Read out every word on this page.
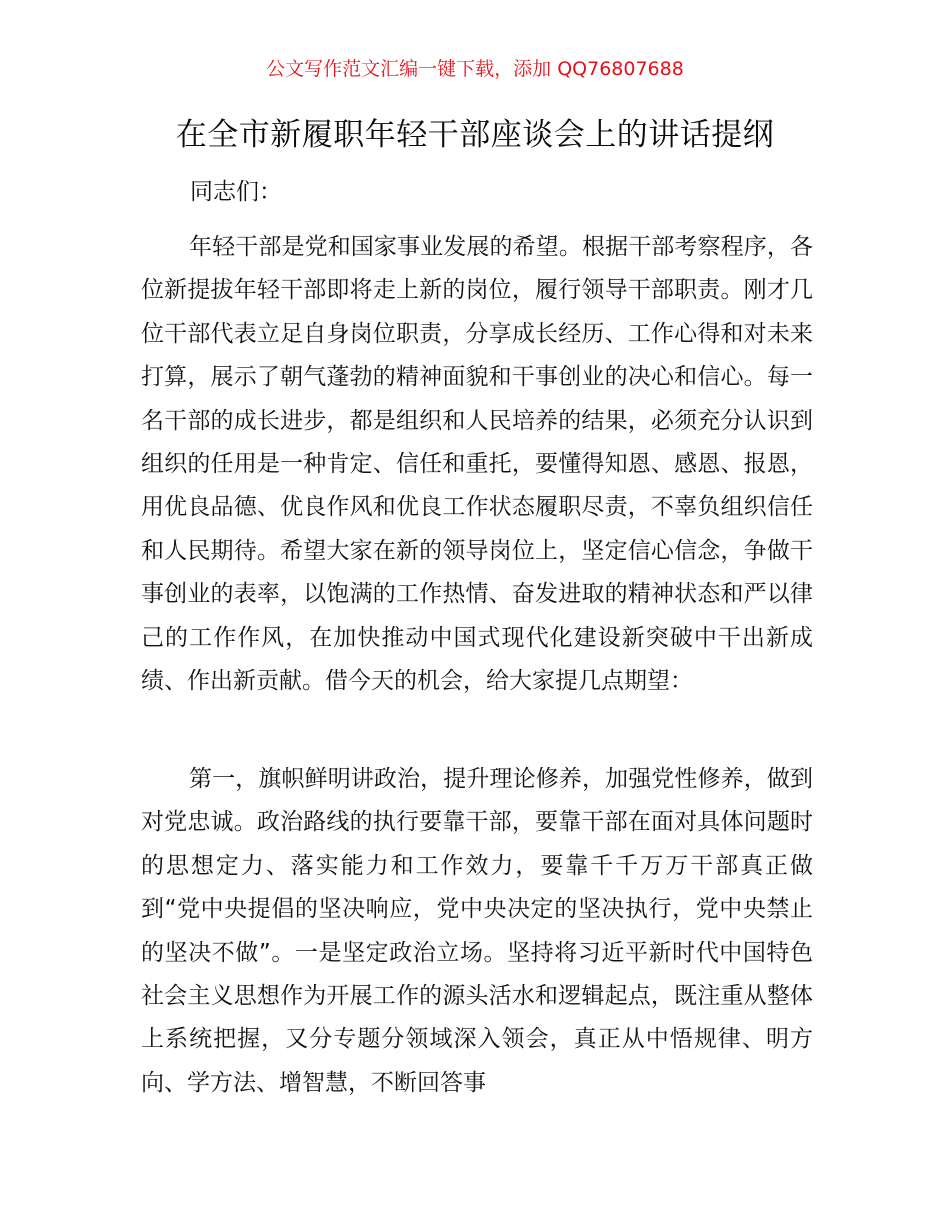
公文写作范文汇编一键下载，添加 QQ76807688
在全市新履职年轻干部座谈会上的讲话提纲
同志们：

年轻干部是党和国家事业发展的希望。根据干部考察程序，各位新提拔年轻干部即将走上新的岗位，履行领导干部职责。刚才几位干部代表立足自身岗位职责，分享成长经历、工作心得和对未来打算，展示了朝气蓬勃的精神面貌和干事创业的决心和信心。每一名干部的成长进步，都是组织和人民培养的结果，必须充分认识到组织的任用是一种肯定、信任和重托，要懂得知恩、感恩、报恩，用优良品德、优良作风和优良工作状态履职尽责，不辜负组织信任和人民期待。希望大家在新的领导岗位上，坚定信心信念，争做干事创业的表率，以饱满的工作热情、奋发进取的精神状态和严以律己的工作作风，在加快推动中国式现代化建设新突破中干出新成绩、作出新贡献。借今天的机会，给大家提几点期望：

第一，旗帜鲜明讲政治，提升理论修养，加强党性修养，做到对党忠诚。政治路线的执行要靠干部，要靠干部在面对具体问题时的思想定力、落实能力和工作效力，要靠千千万万干部真正做到“党中央提倡的坚决响应，党中央决定的坚决执行，党中央禁止的坚决不做”。一是坚定政治立场。坚持将习近平新时代中国特色社会主义思想作为开展工作的源头活水和逻辑起点，既注重从整体上系统把握，又分专题分领域深入领会，真正从中悟规律、明方向、学方法、增智慧，不断回答事
